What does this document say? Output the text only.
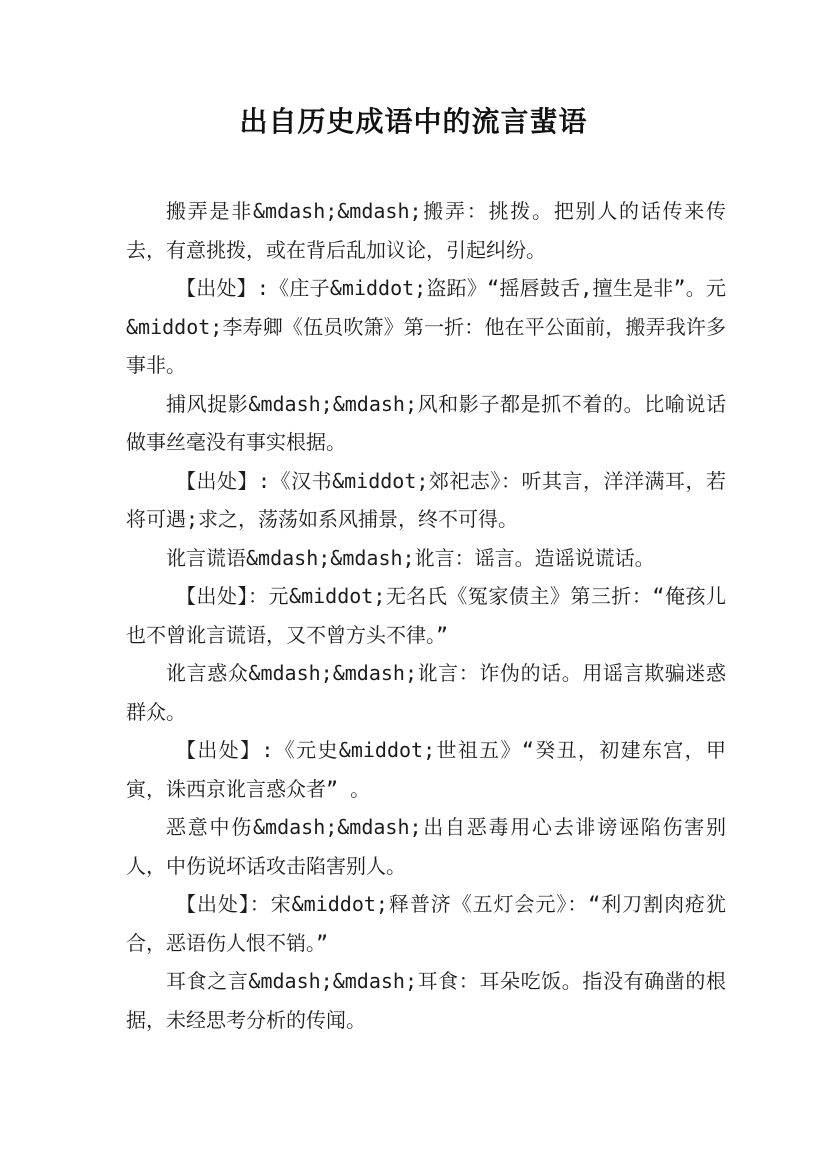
出自历史成语中的流言蜚语

搬弄是非&mdash;&mdash;搬弄：挑拨。把别人的话传来传去，有意挑拨，或在背后乱加议论，引起纠纷。

【出处】:《庄子&middot;盗跖》“摇唇鼓舌,擅生是非”。元&middot;李寿卿《伍员吹箫》第一折：他在平公面前，搬弄我许多事非。

捕风捉影&mdash;&mdash;风和影子都是抓不着的。比喻说话做事丝毫没有事实根据。

【出处】:《汉书&middot;郊祀志》：听其言，洋洋满耳，若将可遇;求之，荡荡如系风捕景，终不可得。

讹言谎语&mdash;&mdash;讹言：谣言。造谣说谎话。

【出处】：元&middot;无名氏《冤家债主》第三折：“俺孩儿也不曾讹言谎语，又不曾方头不律。”

讹言惑众&mdash;&mdash;讹言：诈伪的话。用谣言欺骗迷惑群众。

【出处】:《元史&middot;世祖五》“癸丑，初建东宫，甲寅，诛西京讹言惑众者” 。

恶意中伤&mdash;&mdash;出自恶毒用心去诽谤诬陷伤害别人，中伤说坏话攻击陷害别人。

【出处】：宋&middot;释普济《五灯会元》：“利刀割肉疮犹合，恶语伤人恨不销。”

耳食之言&mdash;&mdash;耳食：耳朵吃饭。指没有确凿的根据，未经思考分析的传闻。
